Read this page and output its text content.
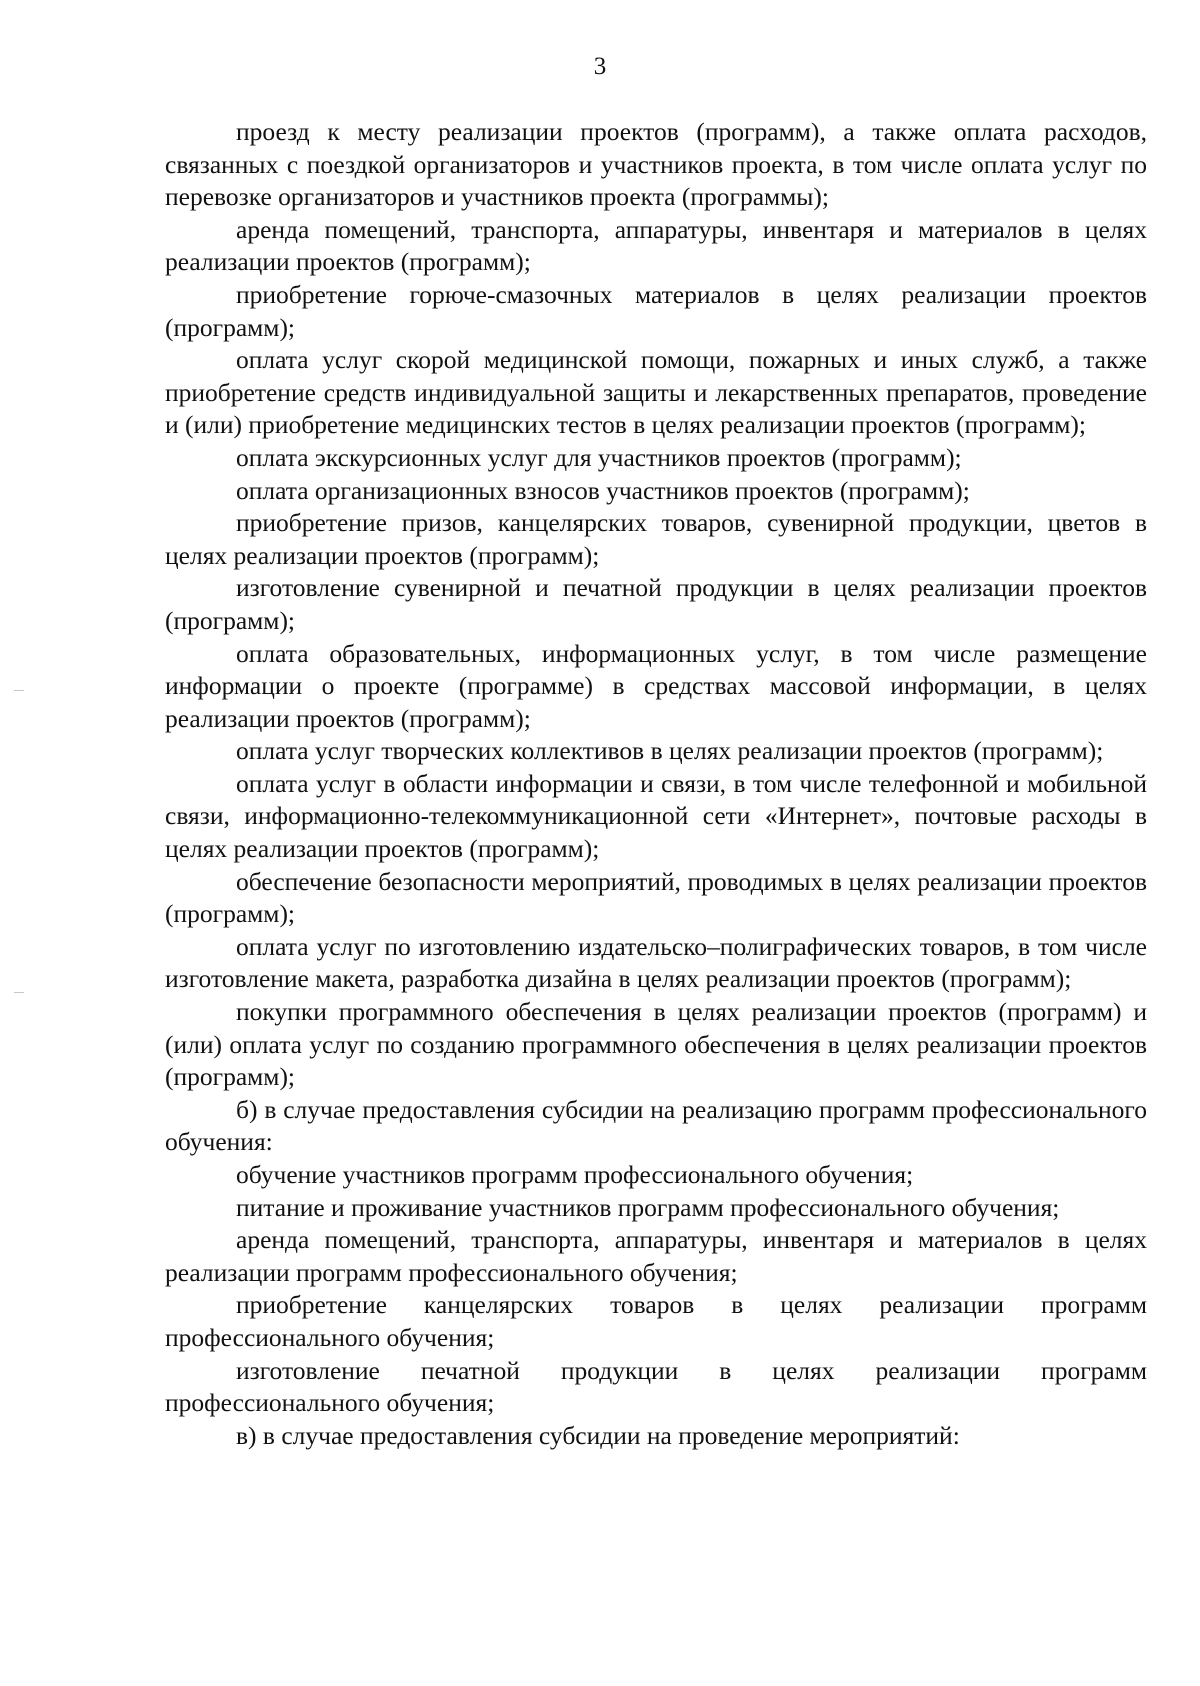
3

проезд к месту реализации проектов (программ), а также оплата расходов, связанных с поездкой организаторов и участников проекта, в том числе оплата услуг по перевозке организаторов и участников проекта (программы);

аренда помещений, транспорта, аппаратуры, инвентаря и материалов в целях реализации проектов (программ);

приобретение горюче-смазочных материалов в целях реализации проектов (программ);

оплата услуг скорой медицинской помощи, пожарных и иных служб, а также приобретение средств индивидуальной защиты и лекарственных препаратов, проведение и (или) приобретение медицинских тестов в целях реализации проектов (программ);

оплата экскурсионных услуг для участников проектов (программ);

оплата организационных взносов участников проектов (программ);

приобретение призов, канцелярских товаров, сувенирной продукции, цветов в целях реализации проектов (программ);

изготовление сувенирной и печатной продукции в целях реализации проектов (программ);

оплата образовательных, информационных услуг, в том числе размещение информации о проекте (программе) в средствах массовой информации, в целях реализации проектов (программ);

оплата услуг творческих коллективов в целях реализации проектов (программ);

оплата услуг в области информации и связи, в том числе телефонной и мобильной связи, информационно-телекоммуникационной сети «Интернет», почтовые расходы в целях реализации проектов (программ);

обеспечение безопасности мероприятий, проводимых в целях реализации проектов (программ);

оплата услуг по изготовлению издательско–полиграфических товаров, в том числе изготовление макета, разработка дизайна в целях реализации проектов (программ);

покупки программного обеспечения в целях реализации проектов (программ) и (или) оплата услуг по созданию программного обеспечения в целях реализации проектов (программ);

б) в случае предоставления субсидии на реализацию программ профессионального обучения:

обучение участников программ профессионального обучения;

питание и проживание участников программ профессионального обучения;

аренда помещений, транспорта, аппаратуры, инвентаря и материалов в целях реализации программ профессионального обучения;

приобретение канцелярских товаров в целях реализации программ профессионального обучения;

изготовление печатной продукции в целях реализации программ профессионального обучения;

в) в случае предоставления субсидии на проведение мероприятий:
